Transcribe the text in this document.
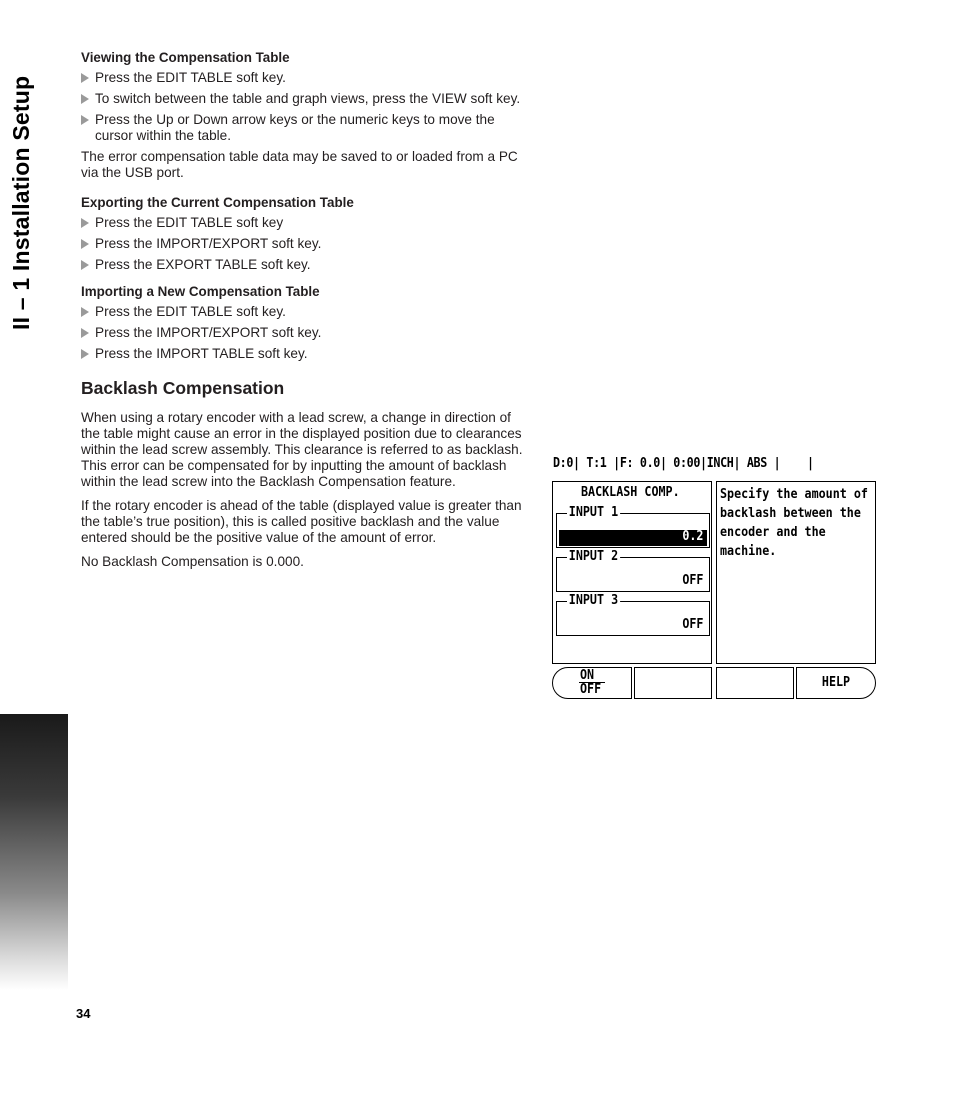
II – 1 Installation Setup
34
Viewing the Compensation Table
Press the EDIT TABLE soft key.
To switch between the table and graph views, press the VIEW soft key.
Press the Up or Down arrow keys or the numeric keys to move the cursor within the table.
The error compensation table data may be saved to or loaded from a PC via the USB port.
Exporting the Current Compensation Table
Press the EDIT TABLE soft key
Press the IMPORT/EXPORT soft key.
Press the EXPORT TABLE soft key.
Importing a New Compensation Table
Press the EDIT TABLE soft key.
Press the IMPORT/EXPORT soft key.
Press the IMPORT TABLE soft key.
Backlash Compensation
When using a rotary encoder with a lead screw, a change in direction of the table might cause an error in the displayed position due to clearances within the lead screw assembly. This clearance is referred to as backlash. This error can be compensated for by inputting the amount of backlash within the lead screw into the Backlash Compensation feature.
If the rotary encoder is ahead of the table (displayed value is greater than the table’s true position), this is called positive backlash and the value entered should be the positive value of the amount of error.
No Backlash Compensation is 0.000.
D:0| T:1 |F: 0.0| 0:00|INCH| ABS |    |
BACKLASH COMP.
INPUT 1
0.2
INPUT 2
OFF
INPUT 3
OFF
Specify the amount of backlash between the encoder and the machine.
ON
OFF	HELP
